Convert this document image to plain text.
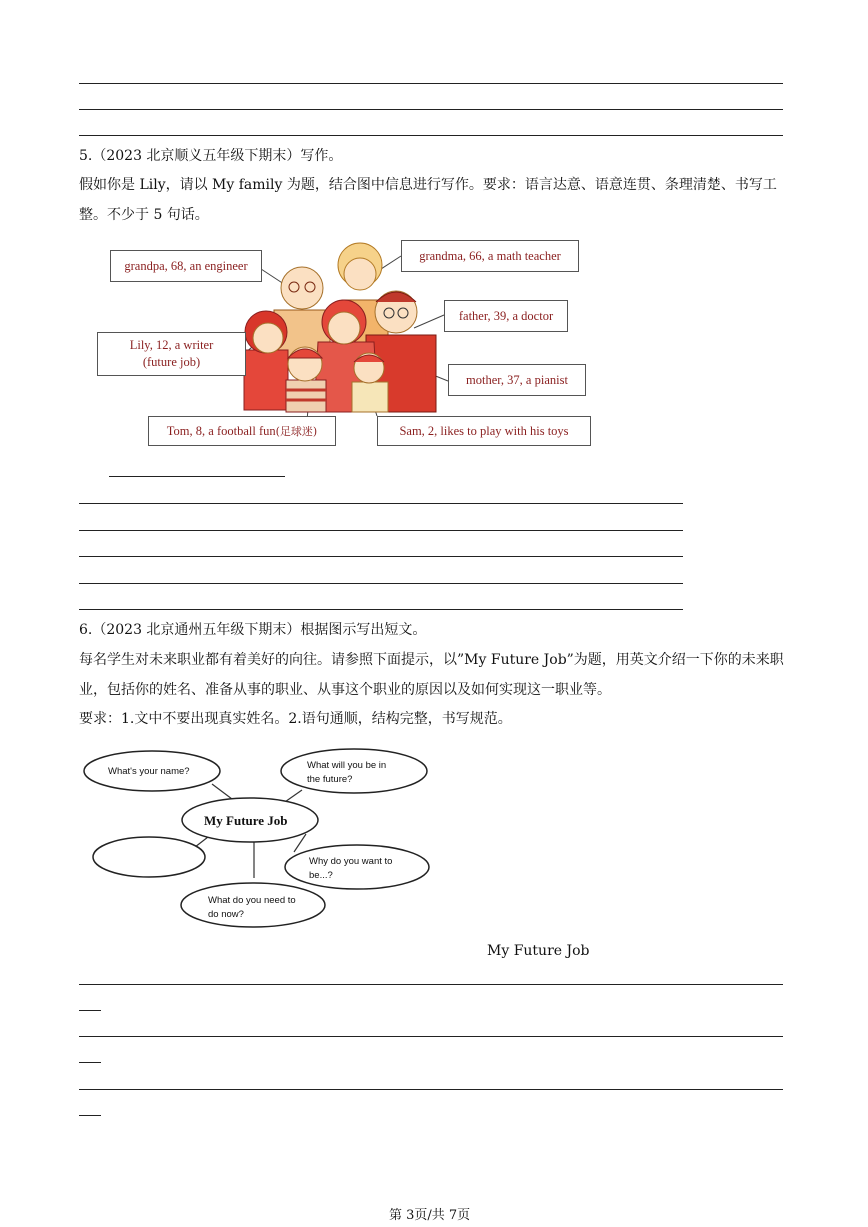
5.（2023 北京顺义五年级下期末）写作。
假如你是 Lily，请以 My family 为题，结合图中信息进行写作。要求：语言达意、语意连贯、条理清楚、书写工整。不少于 5 句话。
grandpa, 68, an engineer
grandma, 66, a math teacher
father, 39, a doctor
Lily, 12, a writer
(future job)
mother, 37, a pianist
Tom, 8, a football fun (足球迷)	Sam, 2, likes to play with his toys
6.（2023 北京通州五年级下期末）根据图示写出短文。
每名学生对未来职业都有着美好的向往。请参照下面提示，以”My Future Job”为题，用英文介绍一下你的未来职业，包括你的姓名、准备从事的职业、从事这个职业的原因以及如何实现这一职业等。
要求：1.文中不要出现真实姓名。2.语句通顺，结构完整，书写规范。
What's your name?
What will you be in
the future?
My Future Job
Why do you want to
be...?
What do you need to
do now?
My Future Job
第 3页/共 7页
